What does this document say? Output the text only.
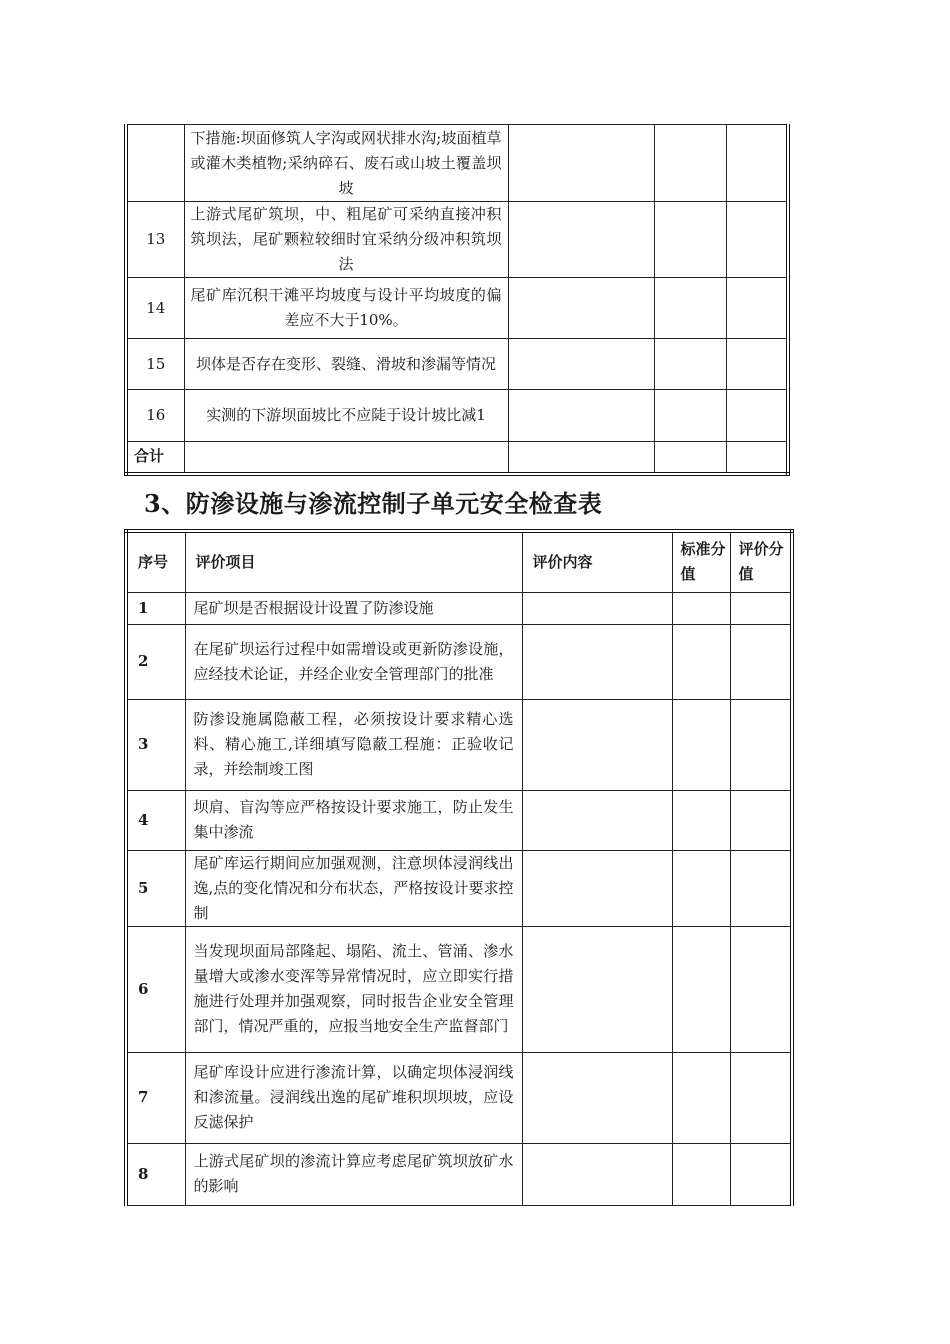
	下措施:坝面修筑人字沟或网状排水沟;坡面植草或灌木类植物;采纳碎石、废石或山坡土覆盖坝坡			
13	上游式尾矿筑坝，中、粗尾矿可采纳直接冲积筑坝法，尾矿颗粒较细时宜采纳分级冲积筑坝法			
14	尾矿库沉积干滩平均坡度与设计平均坡度的偏差应不大于10%。			
15	坝体是否存在变形、裂缝、滑坡和渗漏等情况			
16	实测的下游坝面坡比不应陡于设计坡比减1			
合计				
3、防渗设施与渗流控制子单元安全检查表
序号	评价项目	评价内容	标准分值	评价分值
1	尾矿坝是否根据设计设置了防渗设施			
2	在尾矿坝运行过程中如需增设或更新防渗设施，应经技术论证，并经企业安全管理部门的批准			
3	防渗设施属隐蔽工程，必须按设计要求精心选料、精心施工,详细填写隐蔽工程施：正验收记录，并绘制竣工图			
4	坝肩、盲沟等应严格按设计要求施工，防止发生集中渗流			
5	尾矿库运行期间应加强观测，注意坝体浸润线出逸,点的变化情况和分布状态，严格按设计要求控制			
6	当发现坝面局部隆起、塌陷、流土、管涌、渗水量增大或渗水变浑等异常情况时，应立即实行措施进行处理并加强观察，同时报告企业安全管理部门，情况严重的，应报当地安全生产监督部门			
7	尾矿库设计应进行渗流计算，以确定坝体浸润线和渗流量。浸润线出逸的尾矿堆积坝坝坡，应设反滤保护			
8	上游式尾矿坝的渗流计算应考虑尾矿筑坝放矿水的影响			
